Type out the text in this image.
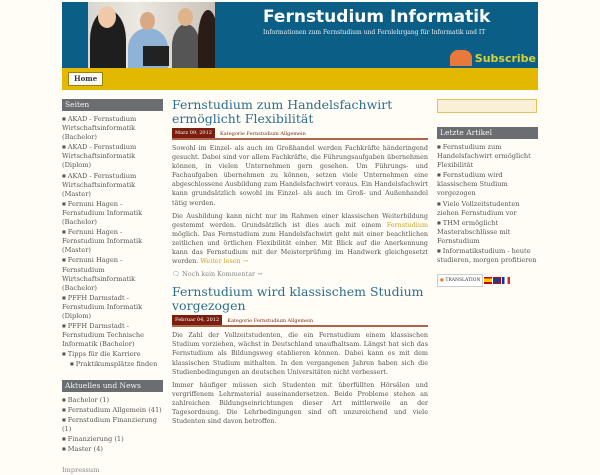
Fernstudium Informatik
Informationen zum Fernstudium und Fernlehrgang für Informatik und IT
Subscribe
Home
Seiten
■ AKAD - Fernstudium Wirtschaftsinformatik (Bachelor)
■ AKAD - Fernstudium Wirtschaftsinformatik (Diplom)
■ AKAD - Fernstudium Wirtschaftsinformatik (Master)
■ Fernuni Hagen - Fernstudium Informatik (Bachelor)
■ Fernuni Hagen - Fernstudium Informatik (Master)
■ Fernuni Hagen - Fernstudium Wirtschaftsinformatik (Bachelor)
■ PFFH Darmstadt - Fernstudium Informatik (Diplom)
■ PFFH Darmstadt - Fernstudium Technische Informatik (Bachelor)
■ Tipps für die Karriere
■ Praktikumsplätze finden
Aktuelles und News
■ Bachelor (1)
■ Fernstudium Allgemein (41)
■ Fernstudium Finanzierung (1)
■ Finanzierung (1)
■ Master (4)
Impressum
Fernstudium zum Handelsfachwirt ermöglicht Flexibilität
Marz 09, 2012	Kategorie Fernstudium Allgemein

Sowohl im Einzel- als auch im Großhandel werden Fachkräfte händeringend gesucht. Dabei sind vor allem Fachkräfte, die Führungsaufgaben übernehmen können, in vielen Unternehmen gern gesehen. Um Führungs- und Fachaufgaben übernehmen zu können, setzen viele Unternehmen eine abgeschlossene Ausbildung zum Handelsfachwirt voraus. Ein Handelsfachwirt kann grundsätzlich sowohl im Einzel- als auch im Groß- und Außenhandel tätig werden.

Die Ausbildung kann nicht nur im Rahmen einer klassischen Weiterbildung gestemmt werden. Grundsätzlich ist dies auch mit einem Fernstudium möglich. Das Fernstudium zum Handelsfachwirt geht mit einer beachtlichen zeitlichen und örtlichen Flexibilität einher. Mit Blick auf die Anerkennung kann das Fernstudium mit der Meisterprüfung im Handwerk gleichgesetzt werden. Weiter lesen →

🗨 Noch kein Kommentar →
Fernstudium wird klassischem Studium vorgezogen
Februar 04, 2012	Kategorie Fernstudium Allgemein

Die Zahl der Vollzeitstudenten, die ein Fernstudium einem klassischen Studium vorziehen, wächst in Deutschland unaufhaltsam. Längst hat sich das Fernstudium als Bildungsweg etablieren können. Dabei kann es mit dem klassischen Studium mithalten. In den vergangenen Jahren haben sich die Studienbedingungen an deutschen Universitäten nicht verbessert.

Immer häufiger müssen sich Studenten mit überfüllten Hörsälen und vergriffenem Lehrmaterial auseinandersetzen. Beide Probleme stehen an zahlreichen Bildungseinrichtungen dieser Art mittlerweile an der Tagesordnung. Die Lehrbedingungen sind oft unzureichend und viele Studenten sind davon betroffen.

Letzte Artikel
■ Fernstudium zum Handelsfachwirt ermöglicht Flexibilität
■ Fernstudium wird klassischem Studium vorgezogen
■ Viele Vollzeitstudenten ziehen Fernstudium vor
■ THM ermöglicht Masterabschlüsse mit Fernstudium
■ Informatikstudium - heute studieren, morgen profitieren
● TRANSLATION
